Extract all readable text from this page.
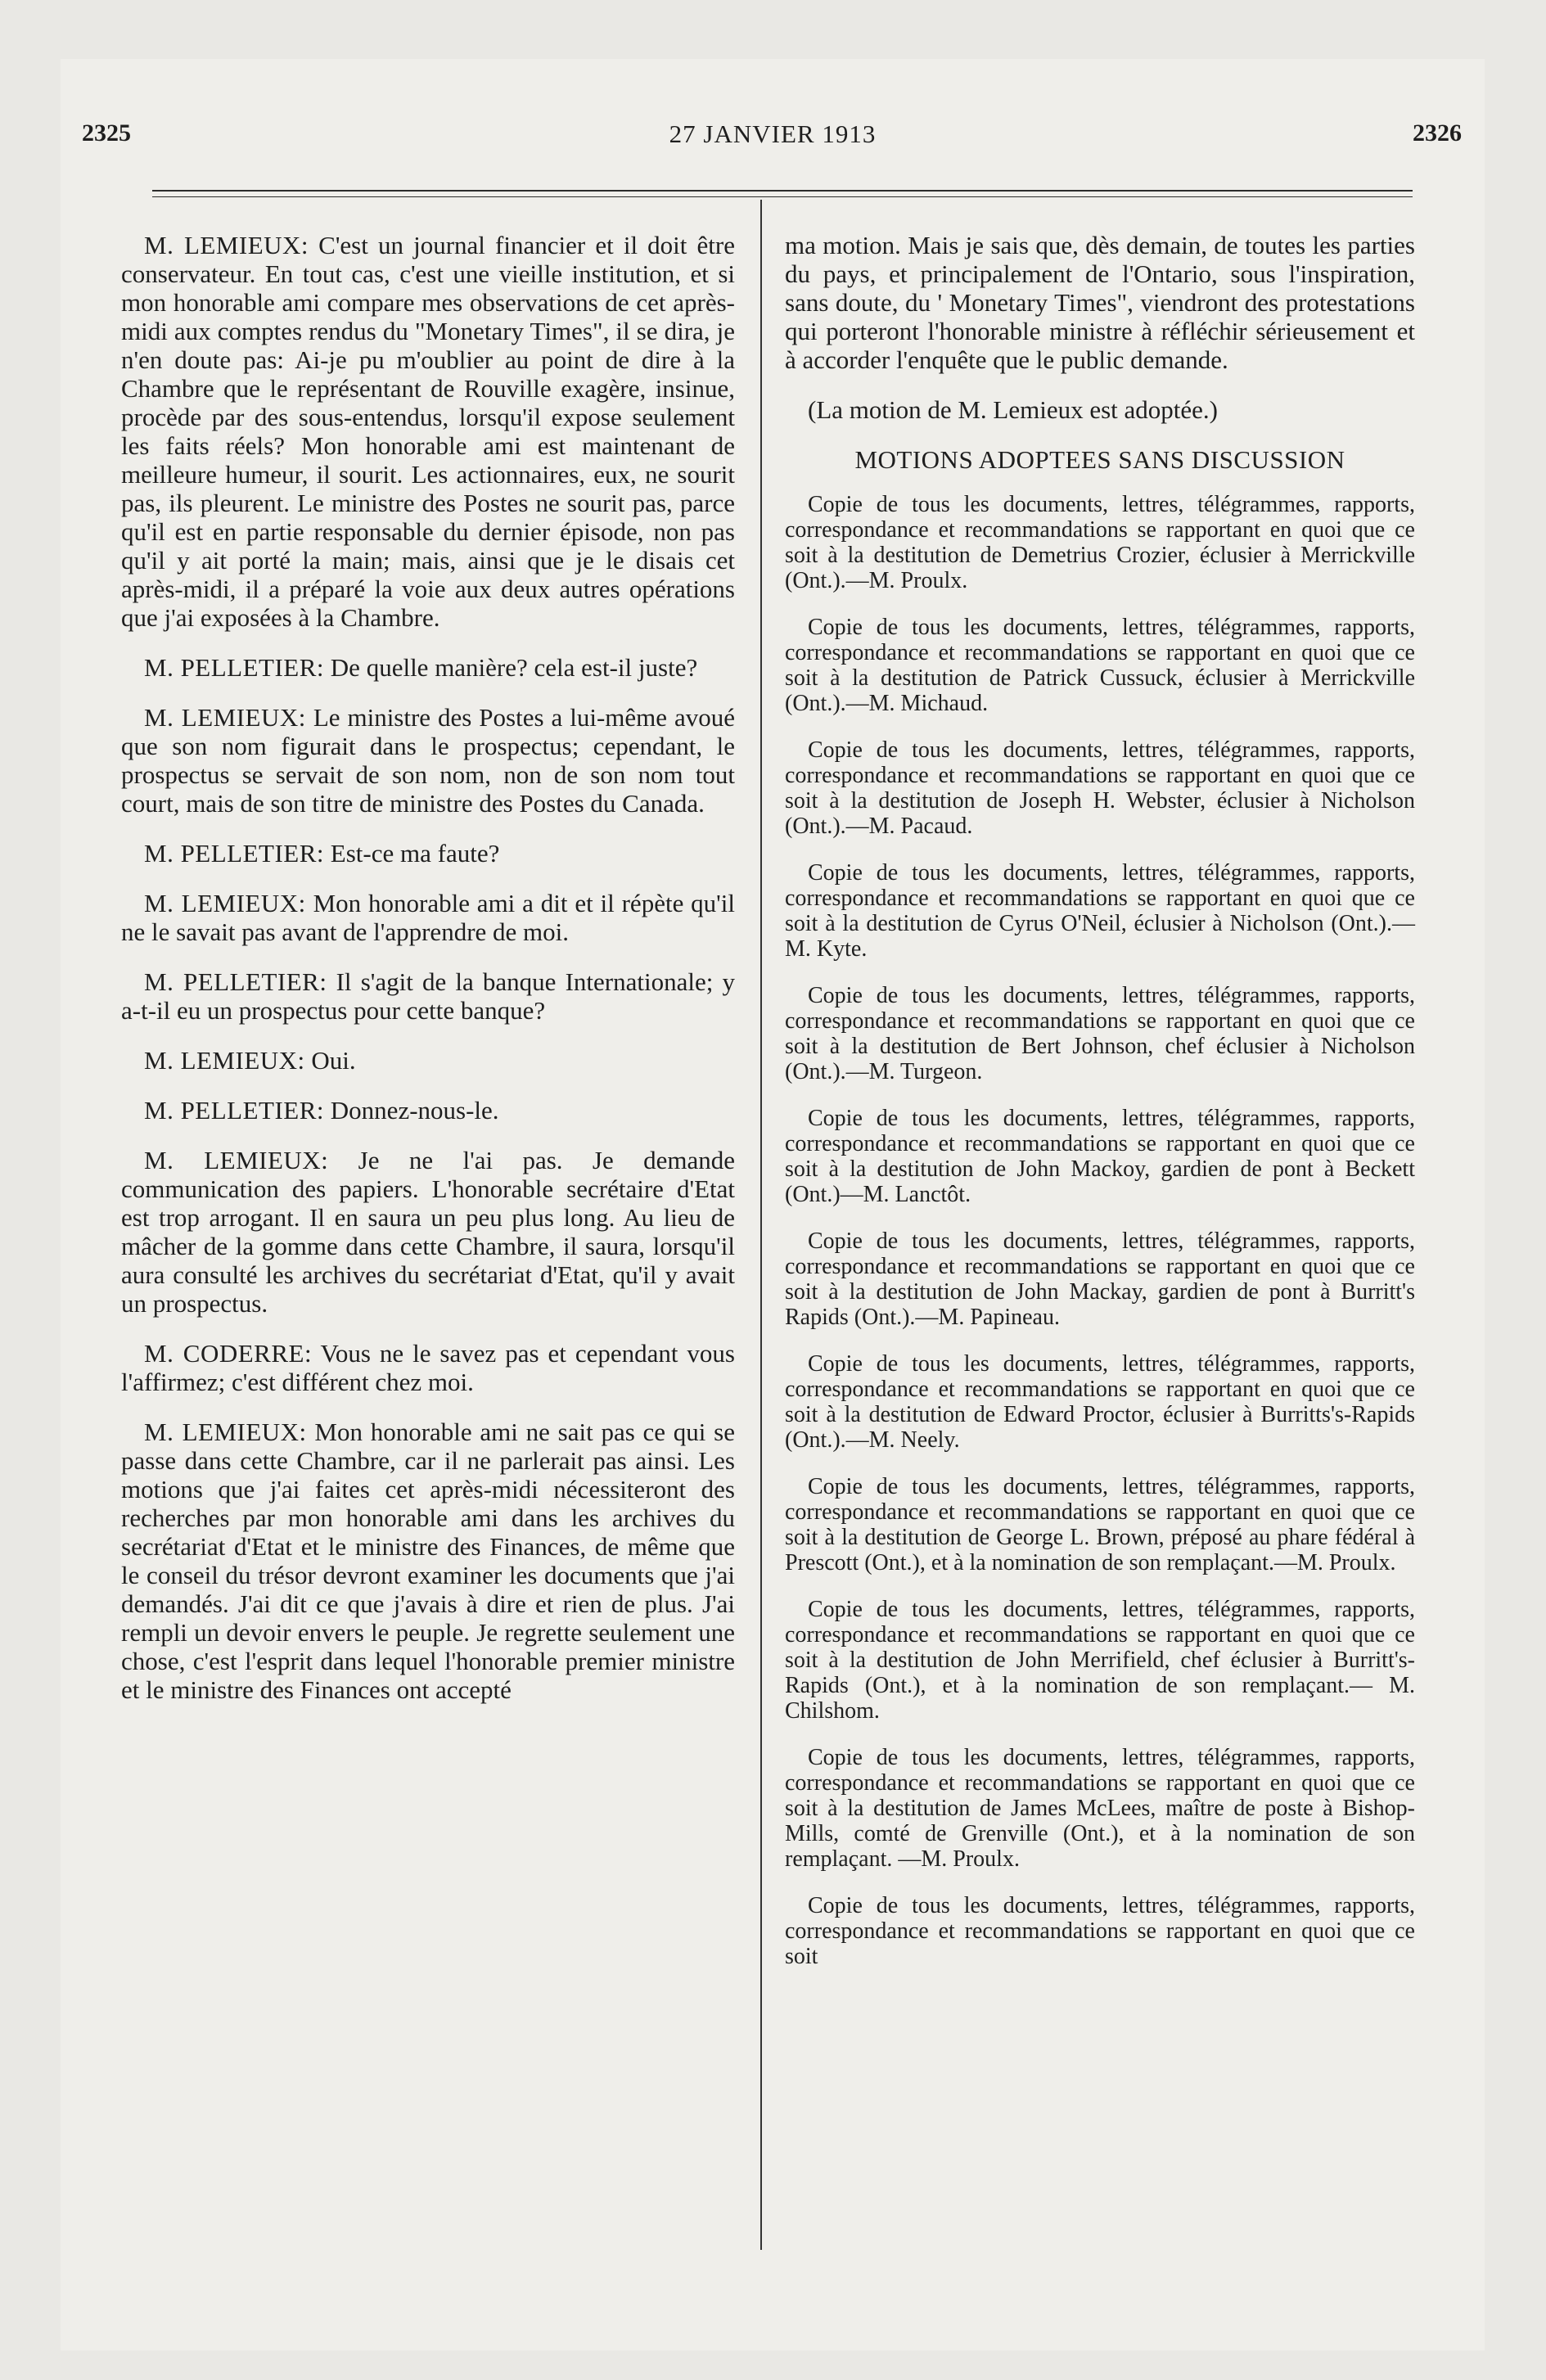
2325	27 JANVIER 1913	2326

M. LEMIEUX: C'est un journal financier et il doit être conservateur. En tout cas, c'est une vieille institution, et si mon honorable ami compare mes observations de cet après-midi aux comptes rendus du "Monetary Times", il se dira, je n'en doute pas: Ai-je pu m'oublier au point de dire à la Chambre que le représentant de Rouville exagère, insinue, procède par des sous-entendus, lorsqu'il expose seulement les faits réels? Mon honorable ami est maintenant de meilleure humeur, il sourit. Les actionnaires, eux, ne sourit pas, ils pleurent. Le ministre des Postes ne sourit pas, parce qu'il est en partie responsable du dernier épisode, non pas qu'il y ait porté la main; mais, ainsi que je le disais cet après-midi, il a préparé la voie aux deux autres opérations que j'ai exposées à la Chambre.

M. PELLETIER: De quelle manière? cela est-il juste?

M. LEMIEUX: Le ministre des Postes a lui-même avoué que son nom figurait dans le prospectus; cependant, le prospectus se servait de son nom, non de son nom tout court, mais de son titre de ministre des Postes du Canada.

M. PELLETIER: Est-ce ma faute?

M. LEMIEUX: Mon honorable ami a dit et il répète qu'il ne le savait pas avant de l'apprendre de moi.

M. PELLETIER: Il s'agit de la banque Internationale; y a-t-il eu un prospectus pour cette banque?

M. LEMIEUX: Oui.

M. PELLETIER: Donnez-nous-le.

M. LEMIEUX: Je ne l'ai pas. Je demande communication des papiers. L'honorable secrétaire d'Etat est trop arrogant. Il en saura un peu plus long. Au lieu de mâcher de la gomme dans cette Chambre, il saura, lorsqu'il aura consulté les archives du secrétariat d'Etat, qu'il y avait un prospectus.

M. CODERRE: Vous ne le savez pas et cependant vous l'affirmez; c'est différent chez moi.

M. LEMIEUX: Mon honorable ami ne sait pas ce qui se passe dans cette Chambre, car il ne parlerait pas ainsi. Les motions que j'ai faites cet après-midi nécessiteront des recherches par mon honorable ami dans les archives du secrétariat d'Etat et le ministre des Finances, de même que le conseil du trésor devront examiner les documents que j'ai demandés. J'ai dit ce que j'avais à dire et rien de plus. J'ai rempli un devoir envers le peuple. Je regrette seulement une chose, c'est l'esprit dans lequel l'honorable premier ministre et le ministre des Finances ont accepté

ma motion. Mais je sais que, dès demain, de toutes les parties du pays, et principalement de l'Ontario, sous l'inspiration, sans doute, du ' Monetary Times", viendront des protestations qui porteront l'honorable ministre à réfléchir sérieusement et à accorder l'enquête que le public demande.

(La motion de M. Lemieux est adoptée.)

MOTIONS ADOPTEES SANS DISCUSSION

Copie de tous les documents, lettres, télégrammes, rapports, correspondance et recommandations se rapportant en quoi que ce soit à la destitution de Demetrius Crozier, éclusier à Merrickville (Ont.).—M. Proulx.

Copie de tous les documents, lettres, télégrammes, rapports, correspondance et recommandations se rapportant en quoi que ce soit à la destitution de Patrick Cussuck, éclusier à Merrickville (Ont.).—M. Michaud.

Copie de tous les documents, lettres, télégrammes, rapports, correspondance et recommandations se rapportant en quoi que ce soit à la destitution de Joseph H. Webster, éclusier à Nicholson (Ont.).—M. Pacaud.

Copie de tous les documents, lettres, télégrammes, rapports, correspondance et recommandations se rapportant en quoi que ce soit à la destitution de Cyrus O'Neil, éclusier à Nicholson (Ont.).—M. Kyte.

Copie de tous les documents, lettres, télégrammes, rapports, correspondance et recommandations se rapportant en quoi que ce soit à la destitution de Bert Johnson, chef éclusier à Nicholson (Ont.).—M. Turgeon.

Copie de tous les documents, lettres, télégrammes, rapports, correspondance et recommandations se rapportant en quoi que ce soit à la destitution de John Mackoy, gardien de pont à Beckett (Ont.)—M. Lanctôt.

Copie de tous les documents, lettres, télégrammes, rapports, correspondance et recommandations se rapportant en quoi que ce soit à la destitution de John Mackay, gardien de pont à Burritt's Rapids (Ont.).—M. Papineau.

Copie de tous les documents, lettres, télégrammes, rapports, correspondance et recommandations se rapportant en quoi que ce soit à la destitution de Edward Proctor, éclusier à Burritts's-Rapids (Ont.).—M. Neely.

Copie de tous les documents, lettres, télégrammes, rapports, correspondance et recommandations se rapportant en quoi que ce soit à la destitution de George L. Brown, préposé au phare fédéral à Prescott (Ont.), et à la nomination de son remplaçant.—M. Proulx.

Copie de tous les documents, lettres, télégrammes, rapports, correspondance et recommandations se rapportant en quoi que ce soit à la destitution de John Merrifield, chef éclusier à Burritt's-Rapids (Ont.), et à la nomination de son remplaçant.— M. Chilshom.

Copie de tous les documents, lettres, télégrammes, rapports, correspondance et recommandations se rapportant en quoi que ce soit à la destitution de James McLees, maître de poste à Bishop-Mills, comté de Grenville (Ont.), et à la nomination de son remplaçant. —M. Proulx.

Copie de tous les documents, lettres, télégrammes, rapports, correspondance et recommandations se rapportant en quoi que ce soit
